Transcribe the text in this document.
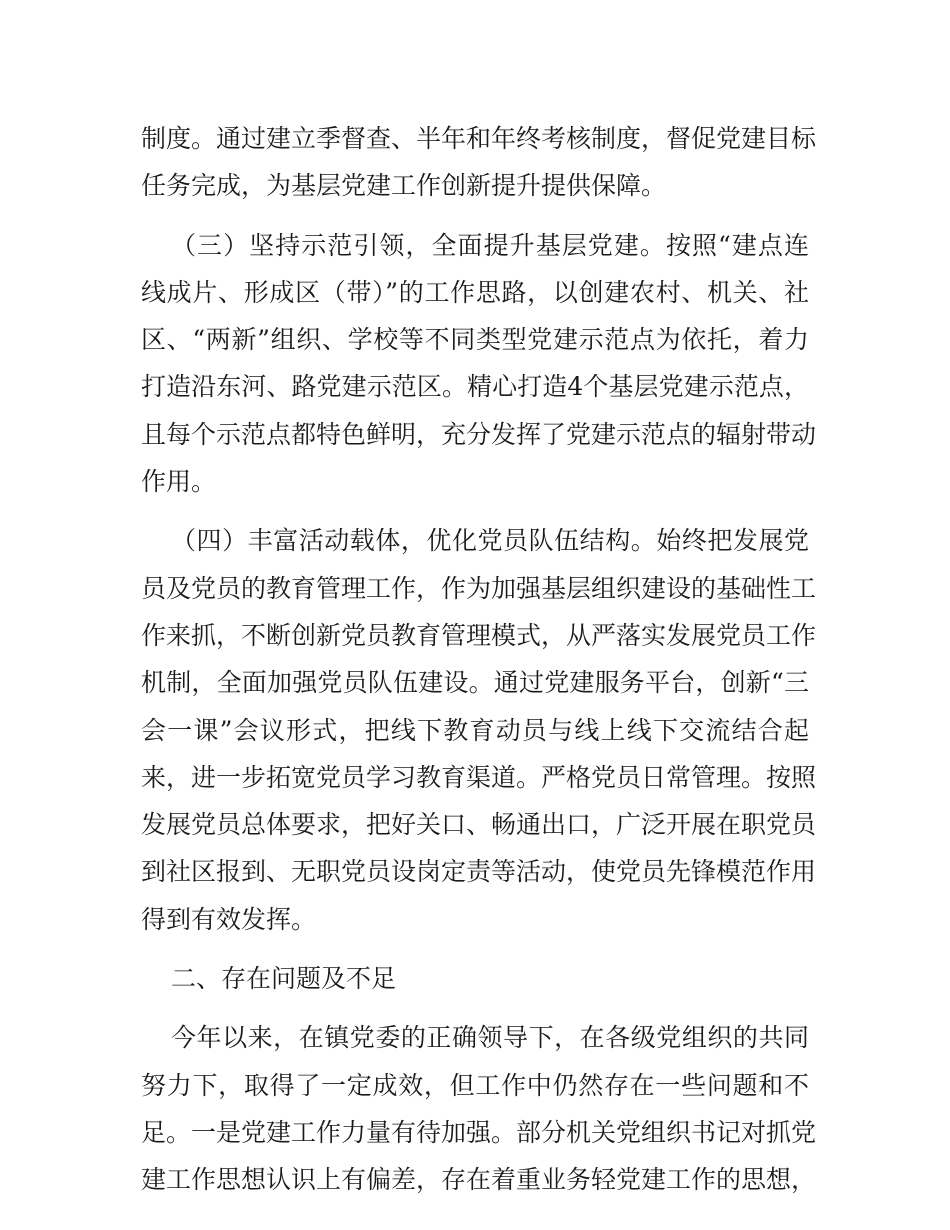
制度。通过建立季督查、半年和年终考核制度，督促党建目标
任务完成，为基层党建工作创新提升提供保障。
（三）坚持示范引领，全面提升基层党建。按照“建点连
线成片、形成区（带）”的工作思路，以创建农村、机关、社
区、“两新”组织、学校等不同类型党建示范点为依托，着力
打造沿东河、路党建示范区。精心打造4个基层党建示范点，
且每个示范点都特色鲜明，充分发挥了党建示范点的辐射带动
作用。
（四）丰富活动载体，优化党员队伍结构。始终把发展党
员及党员的教育管理工作，作为加强基层组织建设的基础性工
作来抓，不断创新党员教育管理模式，从严落实发展党员工作
机制，全面加强党员队伍建设。通过党建服务平台，创新“三
会一课”会议形式，把线下教育动员与线上线下交流结合起
来，进一步拓宽党员学习教育渠道。严格党员日常管理。按照
发展党员总体要求，把好关口、畅通出口，广泛开展在职党员
到社区报到、无职党员设岗定责等活动，使党员先锋模范作用
得到有效发挥。
二、存在问题及不足
今年以来，在镇党委的正确领导下，在各级党组织的共同
努力下，取得了一定成效，但工作中仍然存在一些问题和不
足。一是党建工作力量有待加强。部分机关党组织书记对抓党
建工作思想认识上有偏差，存在着重业务轻党建工作的思想，
